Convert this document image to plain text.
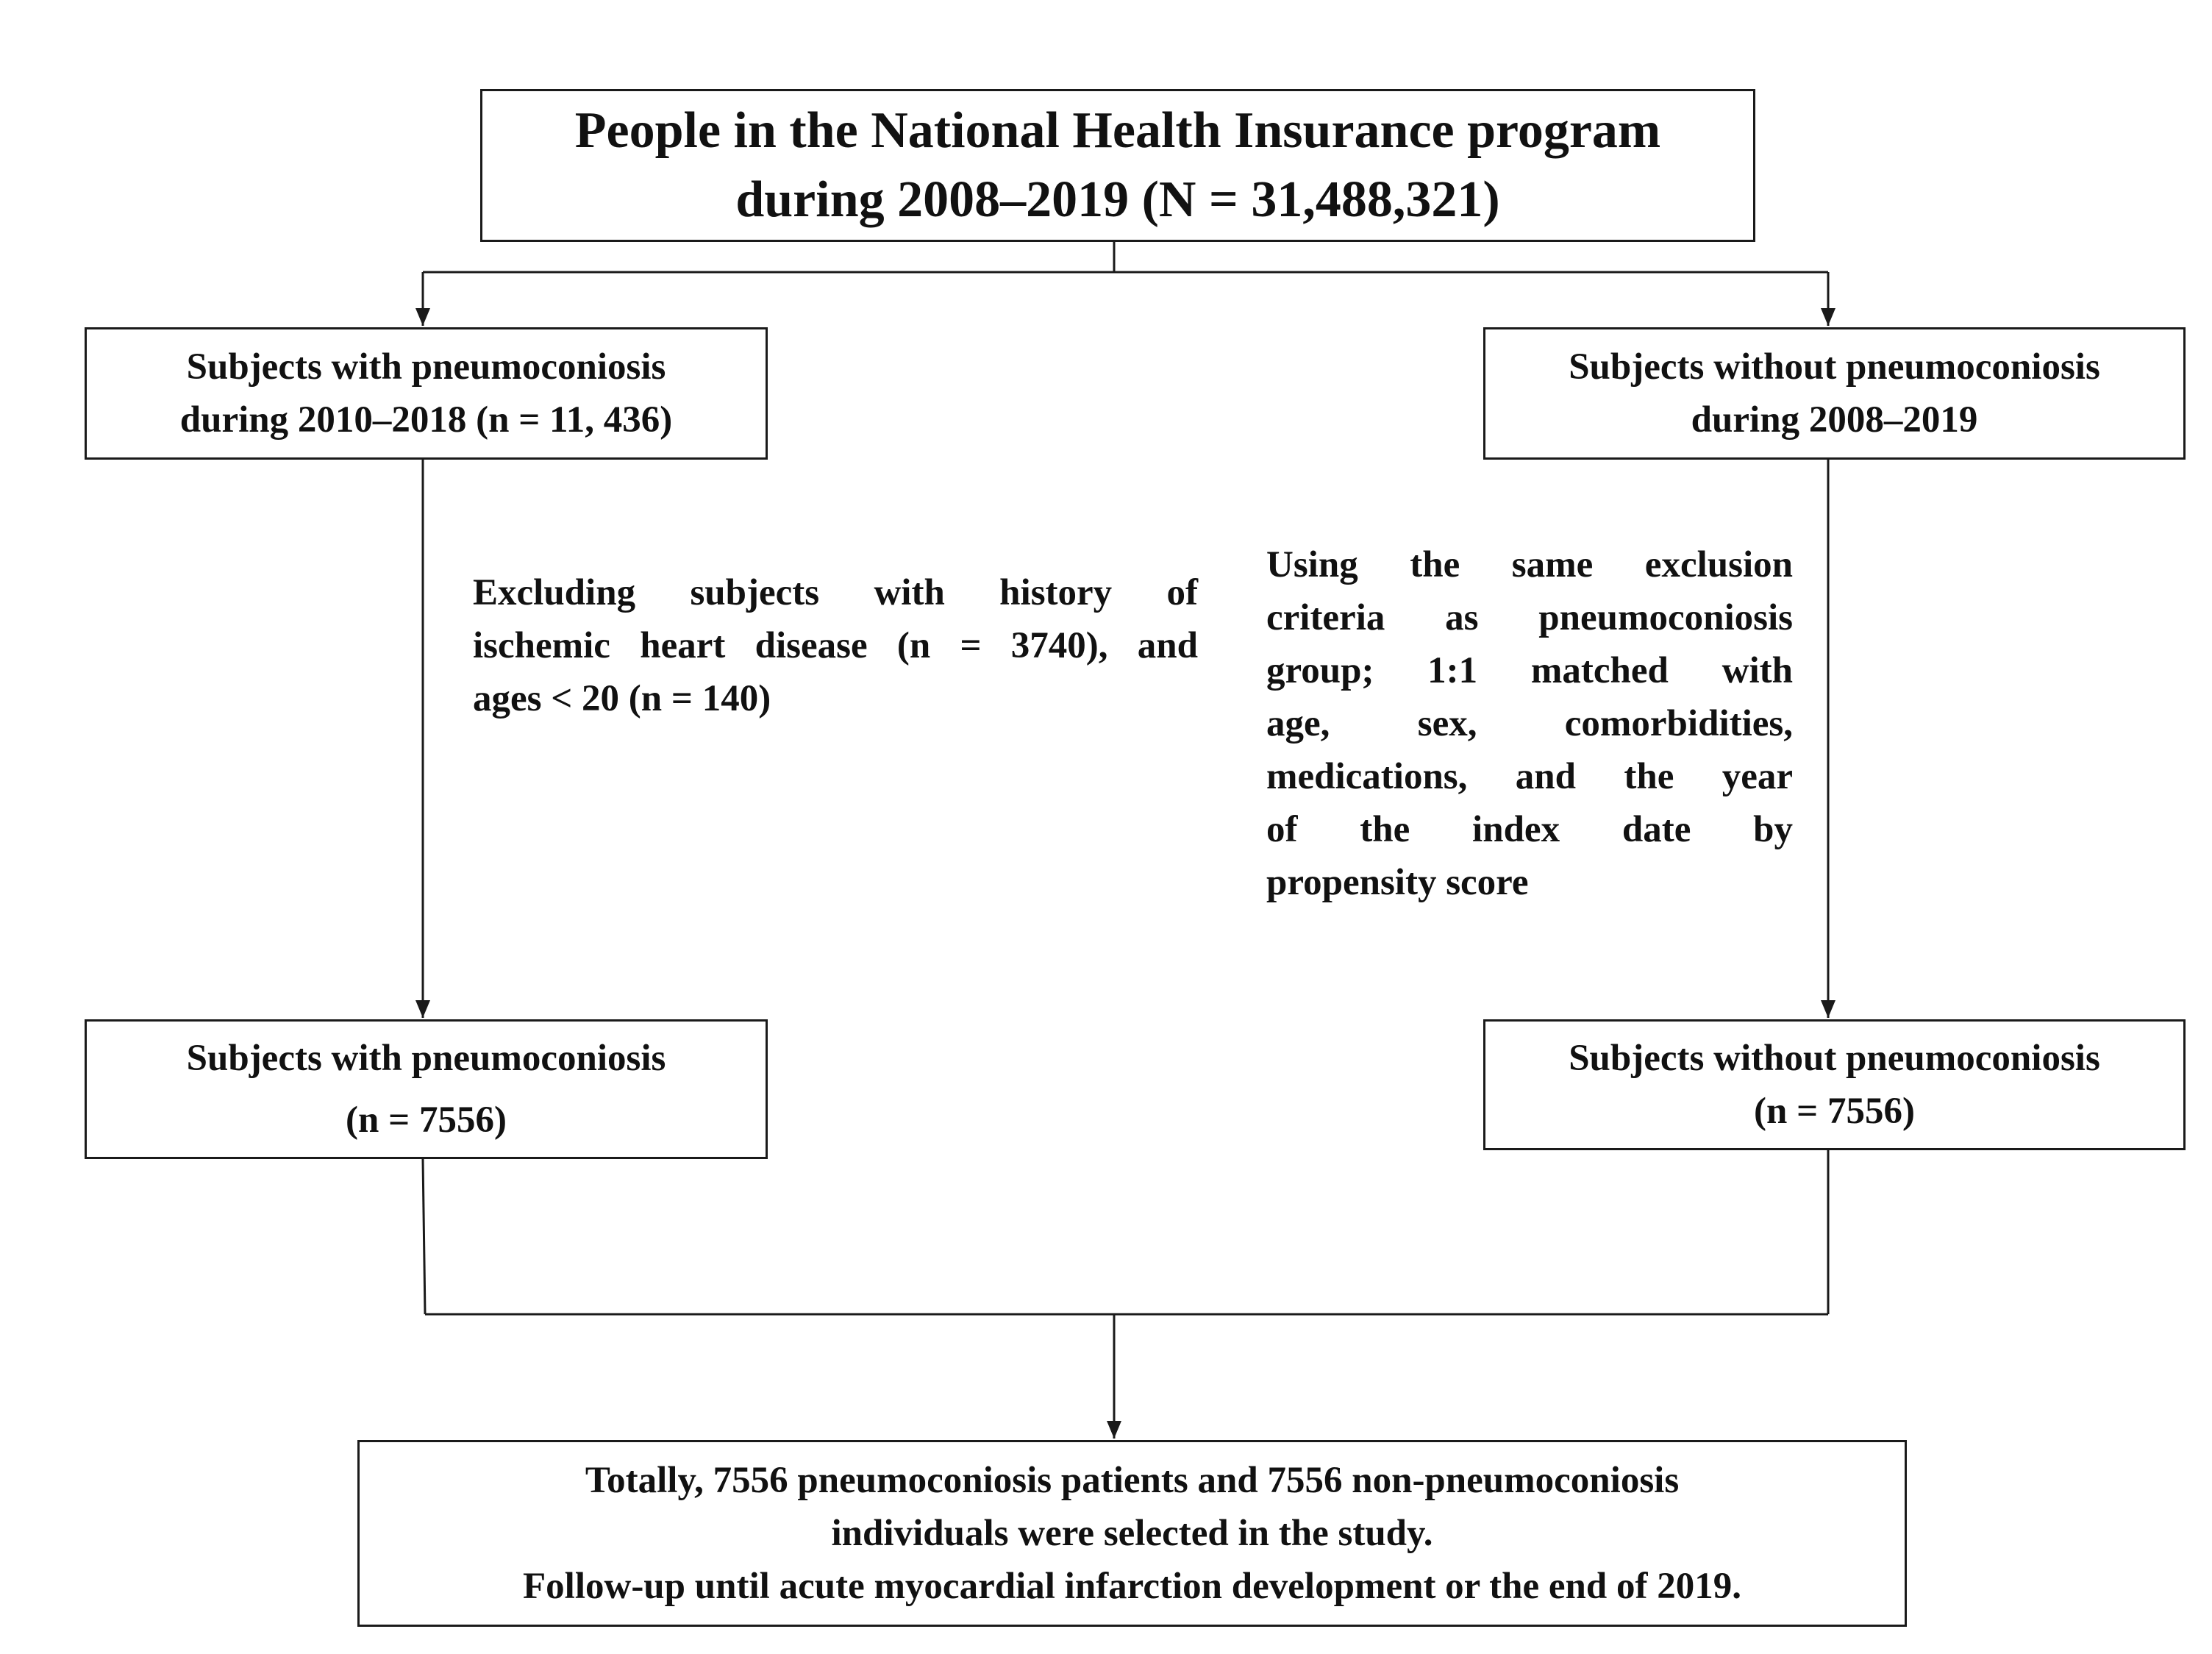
People in the National Health Insurance program
during 2008–2019 (N = 31,488,321)
Subjects with pneumoconiosis
during 2010–2018 (n = 11, 436)
Subjects without pneumoconiosis
during 2008–2019
Excluding subjects with history of
ischemic heart disease (n = 3740), and
ages < 20 (n = 140)
Using the same exclusion
criteria as pneumoconiosis
group; 1:1 matched with
age, sex, comorbidities,
medications, and the year
of the index date by
propensity score
Subjects with pneumoconiosis
(n = 7556)
Subjects without pneumoconiosis
(n = 7556)
Totally, 7556 pneumoconiosis patients and 7556 non-pneumoconiosis
individuals were selected in the study.
Follow-up until acute myocardial infarction development or the end of 2019.
